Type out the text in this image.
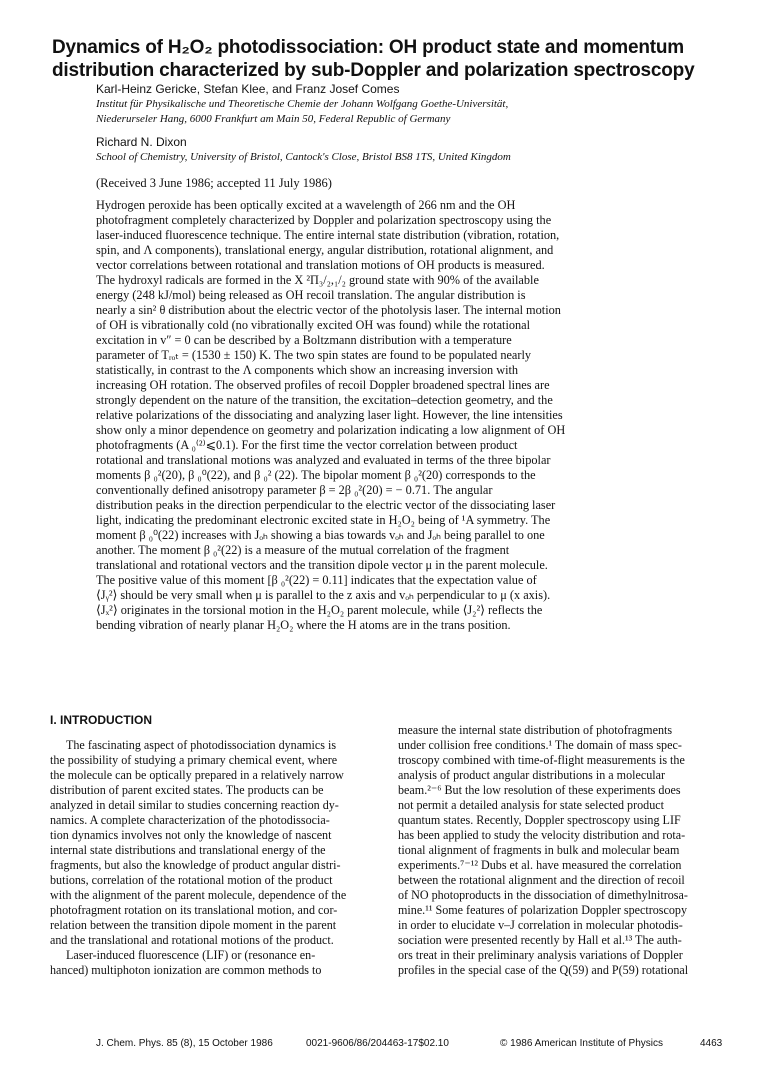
Dynamics of H₂O₂ photodissociation: OH product state and momentum
distribution characterized by sub-Doppler and polarization spectroscopy
Karl-Heinz Gericke, Stefan Klee, and Franz Josef Comes
Institut für Physikalische und Theoretische Chemie der Johann Wolfgang Goethe-Universität,
Niederurseler Hang, 6000 Frankfurt am Main 50, Federal Republic of Germany
Richard N. Dixon
School of Chemistry, University of Bristol, Cantock's Close, Bristol BS8 1TS, United Kingdom
(Received 3 June 1986; accepted 11 July 1986)
Hydrogen peroxide has been optically excited at a wavelength of 266 nm and the OH
photofragment completely characterized by Doppler and polarization spectroscopy using the
laser-induced fluorescence technique. The entire internal state distribution (vibration, rotation,
spin, and Λ components), translational energy, angular distribution, rotational alignment, and
vector correlations between rotational and translation motions of OH products is measured.
The hydroxyl radicals are formed in the X ²Π₃/₂,₁/₂ ground state with 90% of the available
energy (248 kJ/mol) being released as OH recoil translation. The angular distribution is
nearly a sin² θ distribution about the electric vector of the photolysis laser. The internal motion
of OH is vibrationally cold (no vibrationally excited OH was found) while the rotational
excitation in v″ = 0 can be described by a Boltzmann distribution with a temperature
parameter of Tᵣₒₜ = (1530 ± 150) K. The two spin states are found to be populated nearly
statistically, in contrast to the Λ components which show an increasing inversion with
increasing OH rotation. The observed profiles of recoil Doppler broadened spectral lines are
strongly dependent on the nature of the transition, the excitation–detection geometry, and the
relative polarizations of the dissociating and analyzing laser light. However, the line intensities
show only a minor dependence on geometry and polarization indicating a low alignment of OH
photofragments (A ₀⁽²⁾⩽0.1). For the first time the vector correlation between product
rotational and translational motions was analyzed and evaluated in terms of the three bipolar
moments β ₀²(20), β ₀⁰(22), and β ₀² (22). The bipolar moment β ₀²(20) corresponds to the
conventionally defined anisotropy parameter β = 2β ₀²(20) = − 0.71. The angular
distribution peaks in the direction perpendicular to the electric vector of the dissociating laser
light, indicating the predominant electronic excited state in H₂O₂ being of ¹A symmetry. The
moment β ₀⁰(22) increases with Jₒₕ showing a bias towards vₒₕ and Jₒₕ being parallel to one
another. The moment β ₀²(22) is a measure of the mutual correlation of the fragment
translational and rotational vectors and the transition dipole vector μ in the parent molecule.
The positive value of this moment [β ₀²(22) = 0.11] indicates that the expectation value of
⟨Jᵧ²⟩ should be very small when μ is parallel to the z axis and vₒₕ perpendicular to μ (x axis).
⟨Jₓ²⟩ originates in the torsional motion in the H₂O₂ parent molecule, while ⟨J₂²⟩ reflects the
bending vibration of nearly planar H₂O₂ where the H atoms are in the trans position.
I. INTRODUCTION
The fascinating aspect of photodissociation dynamics is
the possibility of studying a primary chemical event, where
the molecule can be optically prepared in a relatively narrow
distribution of parent excited states. The products can be
analyzed in detail similar to studies concerning reaction dy-
namics. A complete characterization of the photodissocia-
tion dynamics involves not only the knowledge of nascent
internal state distributions and translational energy of the
fragments, but also the knowledge of product angular distri-
butions, correlation of the rotational motion of the product
with the alignment of the parent molecule, dependence of the
photofragment rotation on its translational motion, and cor-
relation between the transition dipole moment in the parent
and the translational and rotational motions of the product.
Laser-induced fluorescence (LIF) or (resonance en-
hanced) multiphoton ionization are common methods to
measure the internal state distribution of photofragments
under collision free conditions.¹ The domain of mass spec-
troscopy combined with time-of-flight measurements is the
analysis of product angular distributions in a molecular
beam.²⁻⁶ But the low resolution of these experiments does
not permit a detailed analysis for state selected product
quantum states. Recently, Doppler spectroscopy using LIF
has been applied to study the velocity distribution and rota-
tional alignment of fragments in bulk and molecular beam
experiments.⁷⁻¹² Dubs et al. have measured the correlation
between the rotational alignment and the direction of recoil
of NO photoproducts in the dissociation of dimethylnitrosa-
mine.¹¹ Some features of polarization Doppler spectroscopy
in order to elucidate v–J correlation in molecular photodis-
sociation were presented recently by Hall et al.¹³ The auth-
ors treat in their preliminary analysis variations of Doppler
profiles in the special case of the Q(59) and P(59) rotational
J. Chem. Phys. 85 (8), 15 October 1986	0021-9606/86/204463-17$02.10	© 1986 American Institute of Physics	4463
